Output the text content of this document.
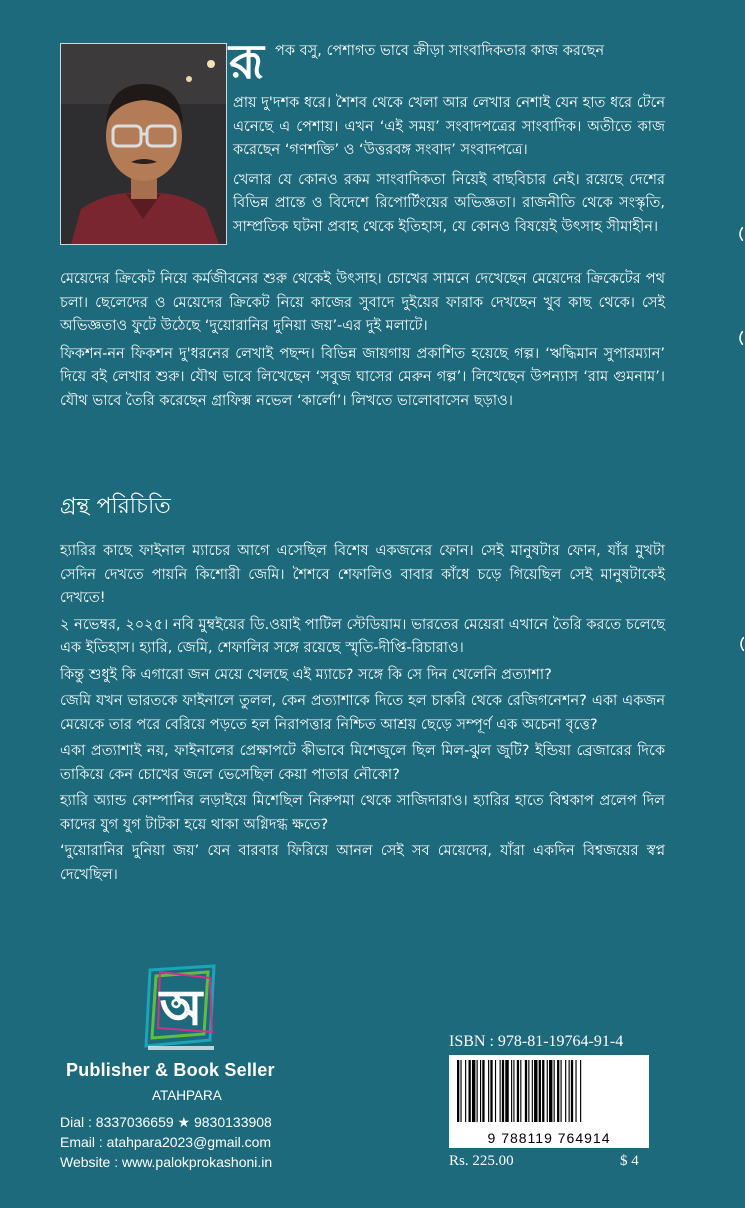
রূ পক বসু, পেশাগত ভাবে ক্রীড়া সাংবাদিকতার কাজ করছেন

প্রায় দু'দশক ধরে। শৈশব থেকে খেলা আর লেখার নেশাই যেন হাত ধরে টেনে এনেছে এ পেশায়। এখন ‘এই সময়’ সংবাদপত্রের সাংবাদিক। অতীতে কাজ করেছেন ‘গণশক্তি’ ও ‘উত্তরবঙ্গ সংবাদ’ সংবাদপত্রে।

খেলার যে কোনও রকম সাংবাদিকতা নিয়েই বাছবিচার নেই। রয়েছে দেশের বিভিন্ন প্রান্তে ও বিদেশে রিপোর্টিংয়ের অভিজ্ঞতা। রাজনীতি থেকে সংস্কৃতি, সাম্প্রতিক ঘটনা প্রবাহ থেকে ইতিহাস, যে কোনও বিষয়েই উৎসাহ সীমাহীন।

মেয়েদের ক্রিকেট নিয়ে কর্মজীবনের শুরু থেকেই উৎসাহ। চোখের সামনে দেখেছেন মেয়েদের ক্রিকেটের পথ চলা। ছেলেদের ও মেয়েদের ক্রিকেট নিয়ে কাজের সুবাদে দুইয়ের ফারাক দেখছেন খুব কাছ থেকে। সেই অভিজ্ঞতাও ফুটে উঠেছে ‘দুয়োরানির দুনিয়া জয়’-এর দুই মলাটে।

ফিকশন-নন ফিকশন দু'ধরনের লেখাই পছন্দ। বিভিন্ন জায়গায় প্রকাশিত হয়েছে গল্প। ‘ঋদ্ধিমান সুপারম্যান’ দিয়ে বই লেখার শুরু। যৌথ ভাবে লিখেছেন ‘সবুজ ঘাসের মেরুন গল্প’। লিখেছেন উপন্যাস ‘রাম গুমনাম’। যৌথ ভাবে তৈরি করেছেন গ্রাফিক্স নভেল ‘কার্লো’। লিখতে ভালোবাসেন ছড়াও।

গ্রন্থ পরিচিতি

হ্যারির কাছে ফাইনাল ম্যাচের আগে এসেছিল বিশেষ একজনের ফোন। সেই মানুষটার ফোন, যাঁর মুখটা সেদিন দেখতে পায়নি কিশোরী জেমি। শৈশবে শেফালিও বাবার কাঁধে চড়ে গিয়েছিল সেই মানুষটাকেই দেখতে!

২ নভেম্বর, ২০২৫। নবি মুম্বইয়ের ডি.ওয়াই পাটিল স্টেডিয়াম। ভারতের মেয়েরা এখানে তৈরি করতে চলেছে এক ইতিহাস। হ্যারি, জেমি, শেফালির সঙ্গে রয়েছে স্মৃতি-দীপ্তি-রিচারাও।

কিন্তু শুধুই কি এগারো জন মেয়ে খেলছে এই ম্যাচে? সঙ্গে কি সে দিন খেলেনি প্রত্যাশা?

জেমি যখন ভারতকে ফাইনালে তুলল, কেন প্রত্যাশাকে দিতে হল চাকরি থেকে রেজিগনেশন? একা একজন মেয়েকে তার পরে বেরিয়ে পড়তে হল নিরাপত্তার নিশ্চিত আশ্রয় ছেড়ে সম্পূর্ণ এক অচেনা বৃত্তে?

একা প্রত্যাশাই নয়, ফাইনালের প্রেক্ষাপটে কীভাবে মিশেজুলে ছিল মিল-ঝুল জুটি? ইন্ডিয়া ব্রেজারের দিকে তাকিয়ে কেন চোখের জলে ভেসেছিল কেয়া পাতার নৌকো?

হ্যারি অ্যান্ড কোম্পানির লড়াইয়ে মিশেছিল নিরুপমা থেকে সাজিদারাও। হ্যারির হাতে বিশ্বকাপ প্রলেপ দিল কাদের যুগ যুগ টাটকা হয়ে থাকা অগ্নিদগ্ধ ক্ষতে?

‘দুয়োরানির দুনিয়া জয়’ যেন বারবার ফিরিয়ে আনল সেই সব মেয়েদের, যাঁরা একদিন বিশ্বজয়ের স্বপ্ন দেখেছিল।

অ
Publisher & Book Seller
ATAHPARA
Dial : 8337036659 ★ 9830133908
Email : atahpara2023@gmail.com
Website : www.palokprokashoni.in
ISBN : 978-81-19764-91-4
9 788119 764914
Rs. 225.00	$ 4
